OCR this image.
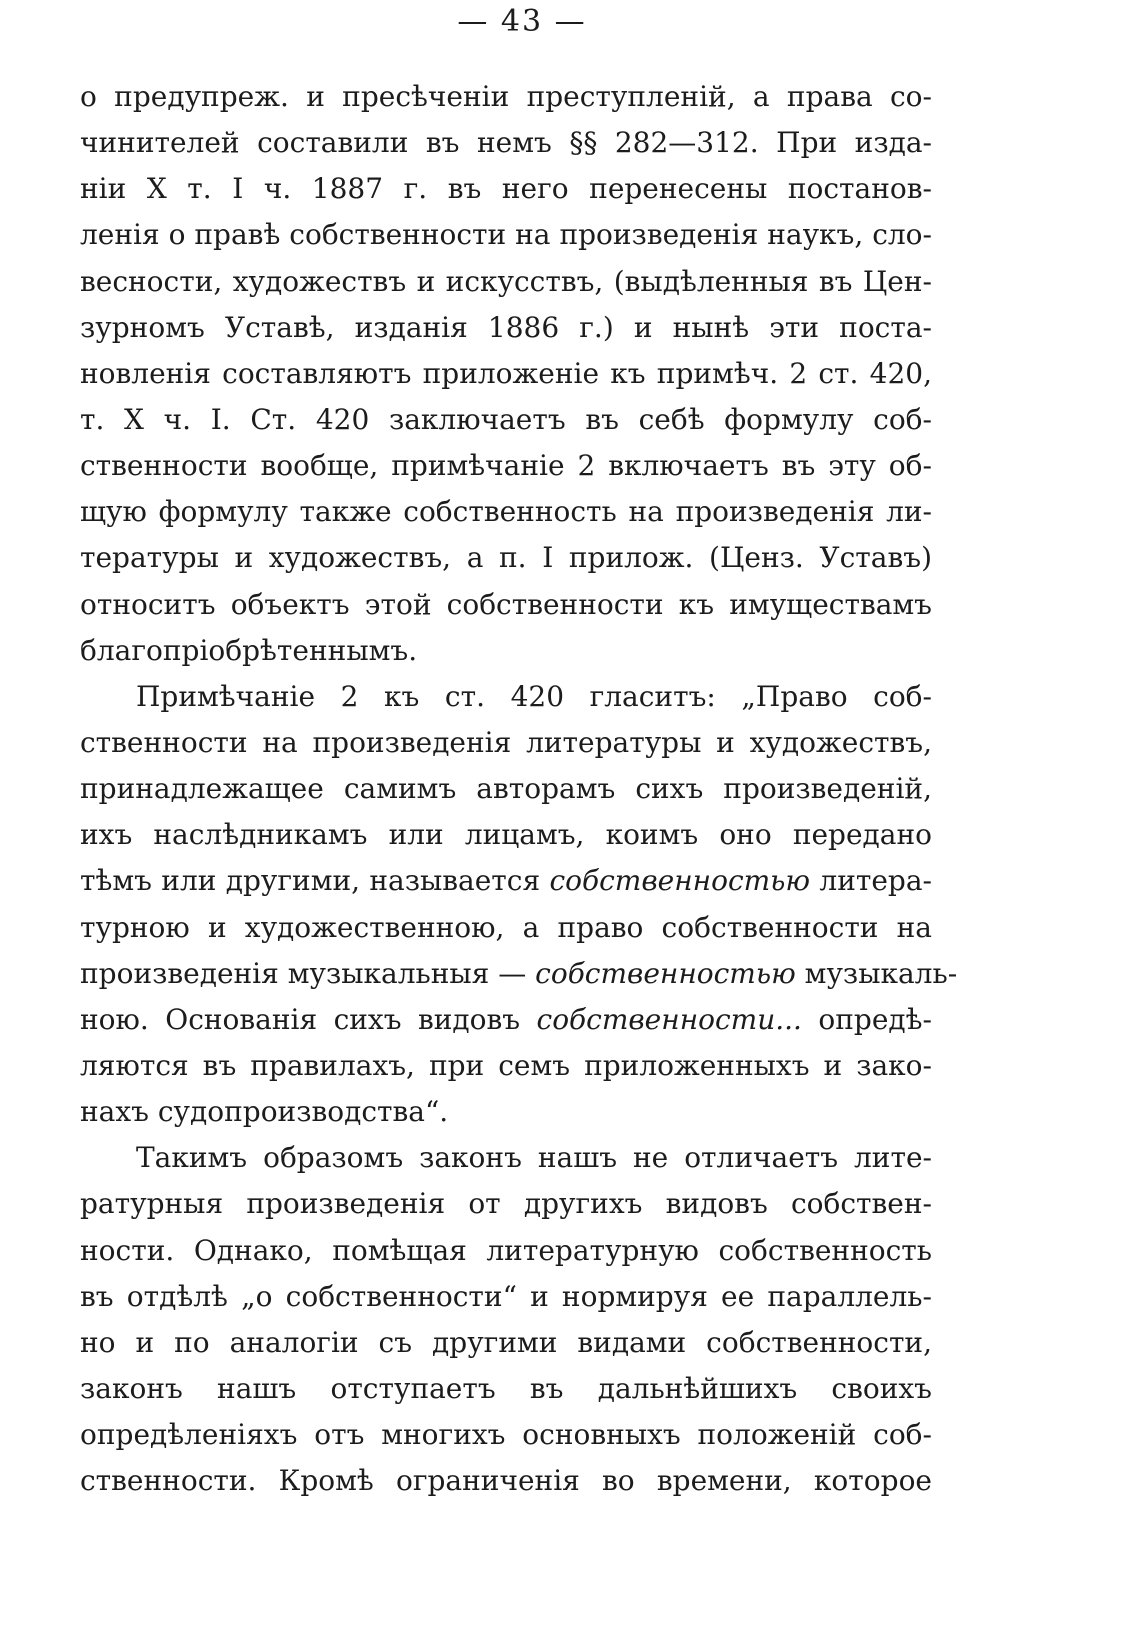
— 43 —
о предупреж. и пресѣченіи преступленій, а права со-
чинителей составили въ немъ §§ 282—312. При изда-
ніи X т. I ч. 1887 г. въ него перенесены постанов-
ленія о правѣ собственности на произведенія наукъ, сло-
весности, художествъ и искусствъ, (выдѣленныя въ Цен-
зурномъ Уставѣ, изданія 1886 г.) и нынѣ эти поста-
новленія составляютъ приложеніе къ примѣч. 2 ст. 420,
т. X ч. I. Ст. 420 заключаетъ въ себѣ формулу соб-
ственности вообще, примѣчаніе 2 включаетъ въ эту об-
щую формулу также собственность на произведенія ли-
тературы и художествъ, а п. I прилож. (Ценз. Уставъ)
относитъ объектъ этой собственности къ имуществамъ
благопріобрѣтеннымъ.
Примѣчаніе 2 къ ст. 420 гласитъ: „Право соб-
ственности на произведенія литературы и художествъ,
принадлежащее самимъ авторамъ сихъ произведеній,
ихъ наслѣдникамъ или лицамъ, коимъ оно передано
тѣмъ или другими, называется собственностью литера-
турною и художественною, а право собственности на
произведенія музыкальныя — собственностью музыкаль-
ною. Основанія сихъ видовъ собственности... опредѣ-
ляются въ правилахъ, при семъ приложенныхъ и зако-
нахъ судопроизводства“.
Такимъ образомъ законъ нашъ не отличаетъ лите-
ратурныя произведенія от другихъ видовъ собствен-
ности. Однако, помѣщая литературную собственность
въ отдѣлѣ „о собственности“ и нормируя ее параллель-
но и по аналогіи съ другими видами собственности,
законъ нашъ отступаетъ въ дальнѣйшихъ своихъ
опредѣленіяхъ отъ многихъ основныхъ положеній соб-
ственности. Кромѣ ограниченія во времени, которое
